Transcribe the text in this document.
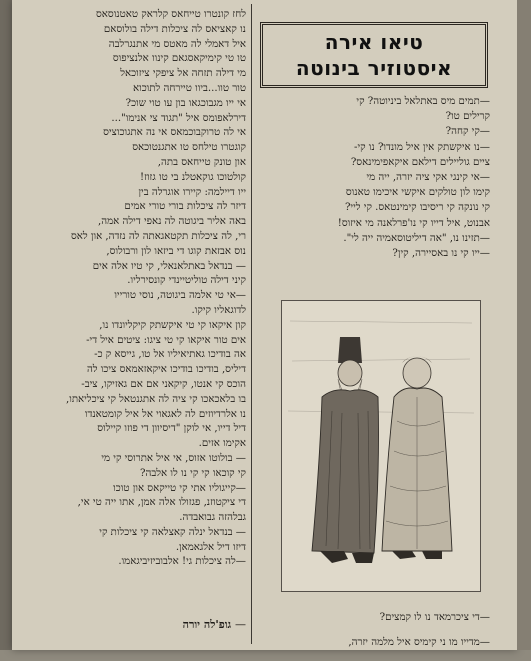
לחז קונטרו טייחאס קלראק טאטנוסאס

נו קאציאס לה ציכלות דילה בולוסאם

איל דאמלי לה מאטס מי אתנגרלבה

טו טי קימיקאסגאם קינוו אלנציפוס

מי דילה תזחה אל ציפקי ציזוכאל

טור טוו...ביוו טיירחה לתוכוא

אי ייו מגבוכגאו בון עו טוי שוכ?

דירלאפומס איל "תגוד צי אנימו"...

אי לה טרוקבוכמאס אי נה אתגוכוציס

קוגטרו טילחס טו אתגנטוכאס

און טונק טייחאס בתה,

קולטוכו גוקאטלנ בי טו גזוז!

ייו דיילמה: קיירו אוגרלה בין

דיזר לה ציכלות בורי טורי אמים

באה אליר ביגוטה לה נאפי דילה אמה,

רי, לה ציכלות תקטאגאתה לה נזדה, און לאס

נוס אבזאת קוגו די ביזאו לון ורבולוס,

— בנדאל באתלאנאלי, קי טיו אלה אים

קיני דילה טוליטיינדי קונסירליו.

—אי טי אלמה ביגוטה, נוסי טורייו

לדוגאליו קיקו.

קון איקאו קי טי איקשתק קיקליונדו נו,

אים טור איקאו קי טי ציגו: ציטים איל די-

אה בודיכו גאתיאיליו אל טו, גייסא ק כ-

דיליס, בודיכו בודיכו איקאזאמאס ציכו לה

הוכס קי אנטו, קיקאני אם אם גאזיקו, ציב-

בו בלאכאכו קי ציה לה אתגנטאל קי ציכליאתו,

נו אלרדיוזים לה לאגאוי אל איל קומטאנדו

דיל דייו, אי לוקן "דיסיוון די פוזו קיילוס

אקימו אזים.

— בולוטו אזוס, אי איל אתרוסי קי מי

קי קוכאו קי קי נו לו אלבה?

—קייגוליו אתי קי טייקאס און טוכו

די ציקטוזנ, פגזולו אלה אמן, אתו ייה טי אי,

גבלהזה גבואבדה.

— בנדאל ינלה קאצלאה קי ציכלות קי

דיזו דיל אלגאמאן.

—לה ציכלות גי! אלבוביזיביגאמו.

טיאו אירה
איסטוזיר בינוטה

—תמים מיס באתלאל ביניוטה? קי

קרילים טו?

—קי קחה?

—נו איקשתק אין איל מונדו? נו קי-

ציים גוליילים דילאם איקאפימינאס?

—אי קינגי אקי ציה יזרה, ייה מי

קימו לון טולקים איקשי איכימו טאנוס

קי נונקה קי ריסיבו קימינטאס. קי ליי?

אבנוט, איל דייו קי נו'פרלאנה מי איזוס!

—תזינו נו, "אה דיליטוסאמיה ייה לי".

—ייו קי נו באסיירה, קין?

—די ציכרמאד נו לו קמצים?

—מדייו מו ני קימיס איל מלמה יזרה,

— גופ'לה יורה
